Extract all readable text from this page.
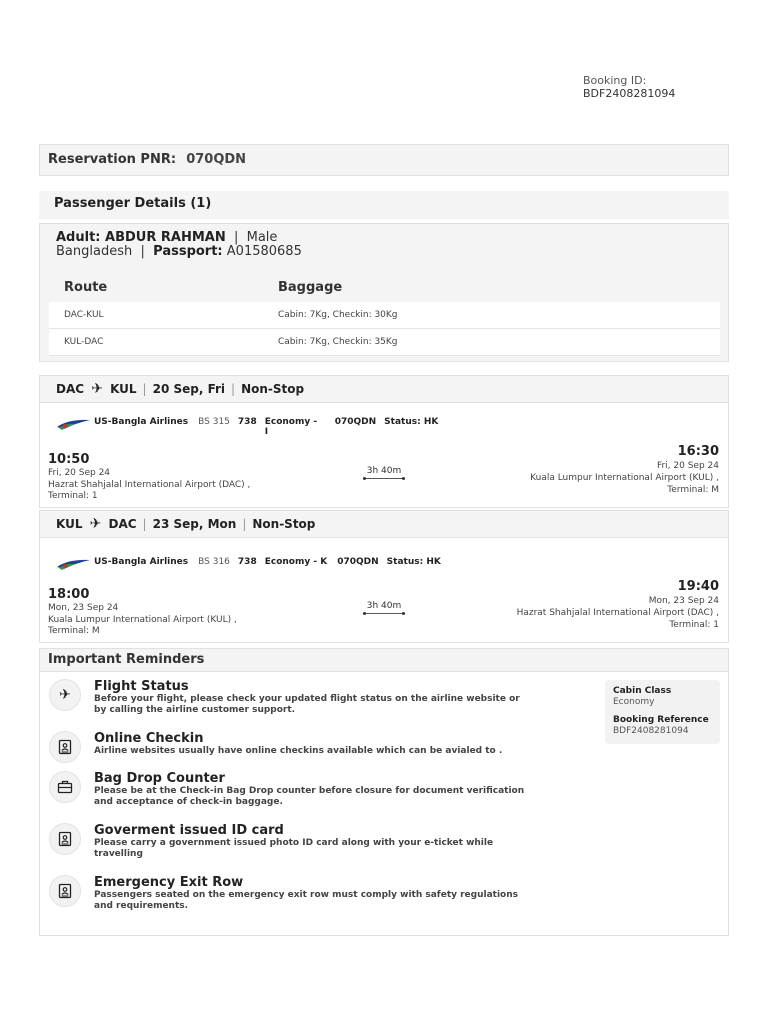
Booking ID:
BDF2408281094
Reservation PNR: 070QDN
Passenger Details (1)
Adult: ABDUR RAHMAN  |  Male
Bangladesh  |  Passport: A01580685
Route	Baggage
DAC-KUL	Cabin: 7Kg, Checkin: 30Kg
KUL-DAC	Cabin: 7Kg, Checkin: 35Kg
DAC ✈ KUL | 20 Sep, Fri | Non-Stop
US-Bangla Airlines BS 315 738 Economy - I
070QDN Status: HK
10:50
Fri, 20 Sep 24
Hazrat Shahjalal International Airport (DAC) ,
Terminal: 1
3h 40m
16:30
Fri, 20 Sep 24
Kuala Lumpur International Airport (KUL) ,
Terminal: M
KUL ✈ DAC | 23 Sep, Mon | Non-Stop
US-Bangla Airlines BS 316 738 Economy - K 070QDN Status: HK
18:00
Mon, 23 Sep 24
Kuala Lumpur International Airport (KUL) ,
Terminal: M
3h 40m
19:40
Mon, 23 Sep 24
Hazrat Shahjalal International Airport (DAC) ,
Terminal: 1
Important Reminders
✈
Flight Status
Before your flight, please check your updated flight status on the airline website or by calling the airline customer support.
Online Checkin
Airline websites usually have online checkins available which can be avialed to .
Bag Drop Counter
Please be at the Check-in Bag Drop counter before closure for document verification and acceptance of check-in baggage.
Goverment issued ID card
Please carry a government issued photo ID card along with your e-ticket while travelling
Emergency Exit Row
Passengers seated on the emergency exit row must comply with safety regulations and requirements.
Cabin Class
Economy
Booking Reference
BDF2408281094
